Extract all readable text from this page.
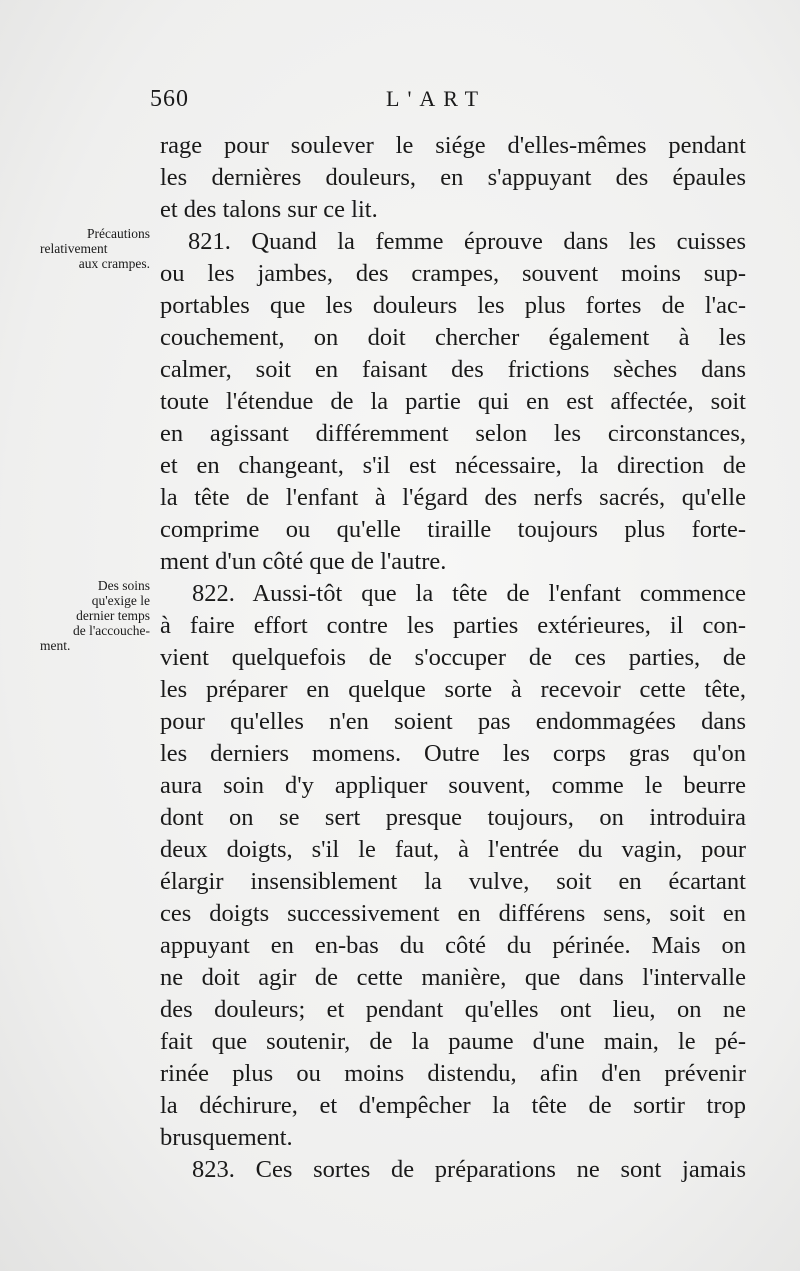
560	L'ART
Précautions
relativement
aux crampes.
Des soins
qu'exige le
dernier temps
de l'accouche-
ment.
rage pour soulever le siége d'elles-mêmes pendant
les dernières douleurs, en s'appuyant des épaules
et des talons sur ce lit.
821. Quand la femme éprouve dans les cuisses
ou les jambes, des crampes, souvent moins sup-
portables que les douleurs les plus fortes de l'ac-
couchement, on doit chercher également à les
calmer, soit en faisant des frictions sèches dans
toute l'étendue de la partie qui en est affectée, soit
en agissant différemment selon les circonstances,
et en changeant, s'il est nécessaire, la direction de
la tête de l'enfant à l'égard des nerfs sacrés, qu'elle
comprime ou qu'elle tiraille toujours plus forte-
ment d'un côté que de l'autre.
822. Aussi-tôt que la tête de l'enfant commence
à faire effort contre les parties extérieures, il con-
vient quelquefois de s'occuper de ces parties, de
les préparer en quelque sorte à recevoir cette tête,
pour qu'elles n'en soient pas endommagées dans
les derniers momens. Outre les corps gras qu'on
aura soin d'y appliquer souvent, comme le beurre
dont on se sert presque toujours, on introduira
deux doigts, s'il le faut, à l'entrée du vagin, pour
élargir insensiblement la vulve, soit en écartant
ces doigts successivement en différens sens, soit en
appuyant en en-bas du côté du périnée. Mais on
ne doit agir de cette manière, que dans l'intervalle
des douleurs; et pendant qu'elles ont lieu, on ne
fait que soutenir, de la paume d'une main, le pé-
rinée plus ou moins distendu, afin d'en prévenir
la déchirure, et d'empêcher la tête de sortir trop
brusquement.
823. Ces sortes de préparations ne sont jamais
